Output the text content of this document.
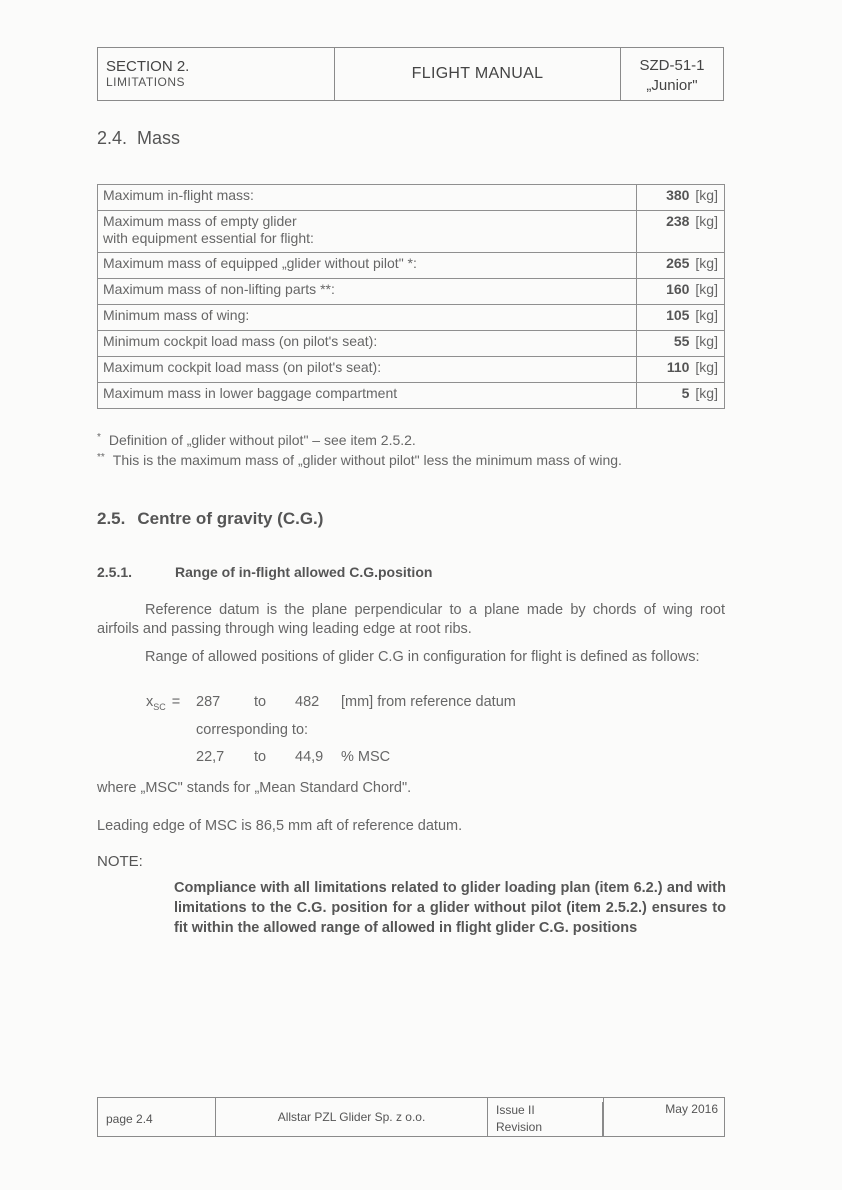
SECTION 2.
LIMITATIONS	FLIGHT MANUAL	SZD-51-1
„Junior"
2.4. Mass
Maximum in-flight mass:	380 [kg]

Maximum mass of empty glider
with equipment essential for flight:	238 [kg]
Maximum mass of equipped „glider without pilot" *:	265 [kg]
Maximum mass of non-lifting parts **:	160 [kg]
Minimum mass of wing:	105 [kg]
Minimum cockpit load mass (on pilot's seat):	55 [kg]
Maximum cockpit load mass (on pilot's seat):	110 [kg]
Maximum mass in lower baggage compartment	5 [kg]
* Definition of „glider without pilot" – see item 2.5.2.
** This is the maximum mass of „glider without pilot" less the minimum mass of wing.
2.5. Centre of gravity (C.G.)
2.5.1.	Range of in-flight allowed C.G.position
Reference datum is the plane perpendicular to a plane made by chords of wing root airfoils and passing through wing leading edge at root ribs.
Range of allowed positions of glider C.G in configuration for flight is defined as follows:
$x_{SC} = 287$ to 482 [mm] from reference datum
corresponding to:
22,7 to 44,9 % MSC
where „MSC" stands for „Mean Standard Chord".
Leading edge of MSC is 86,5 mm aft of reference datum.
NOTE:
Compliance with all limitations related to glider loading plan (item 6.2.) and with limitations to the C.G. position for a glider without pilot (item 2.5.2.) ensures to fit within the allowed range of allowed in flight glider C.G. positions
page 2.4	Allstar PZL Glider Sp. z o.o.	Issue II
Revision
May 2016
